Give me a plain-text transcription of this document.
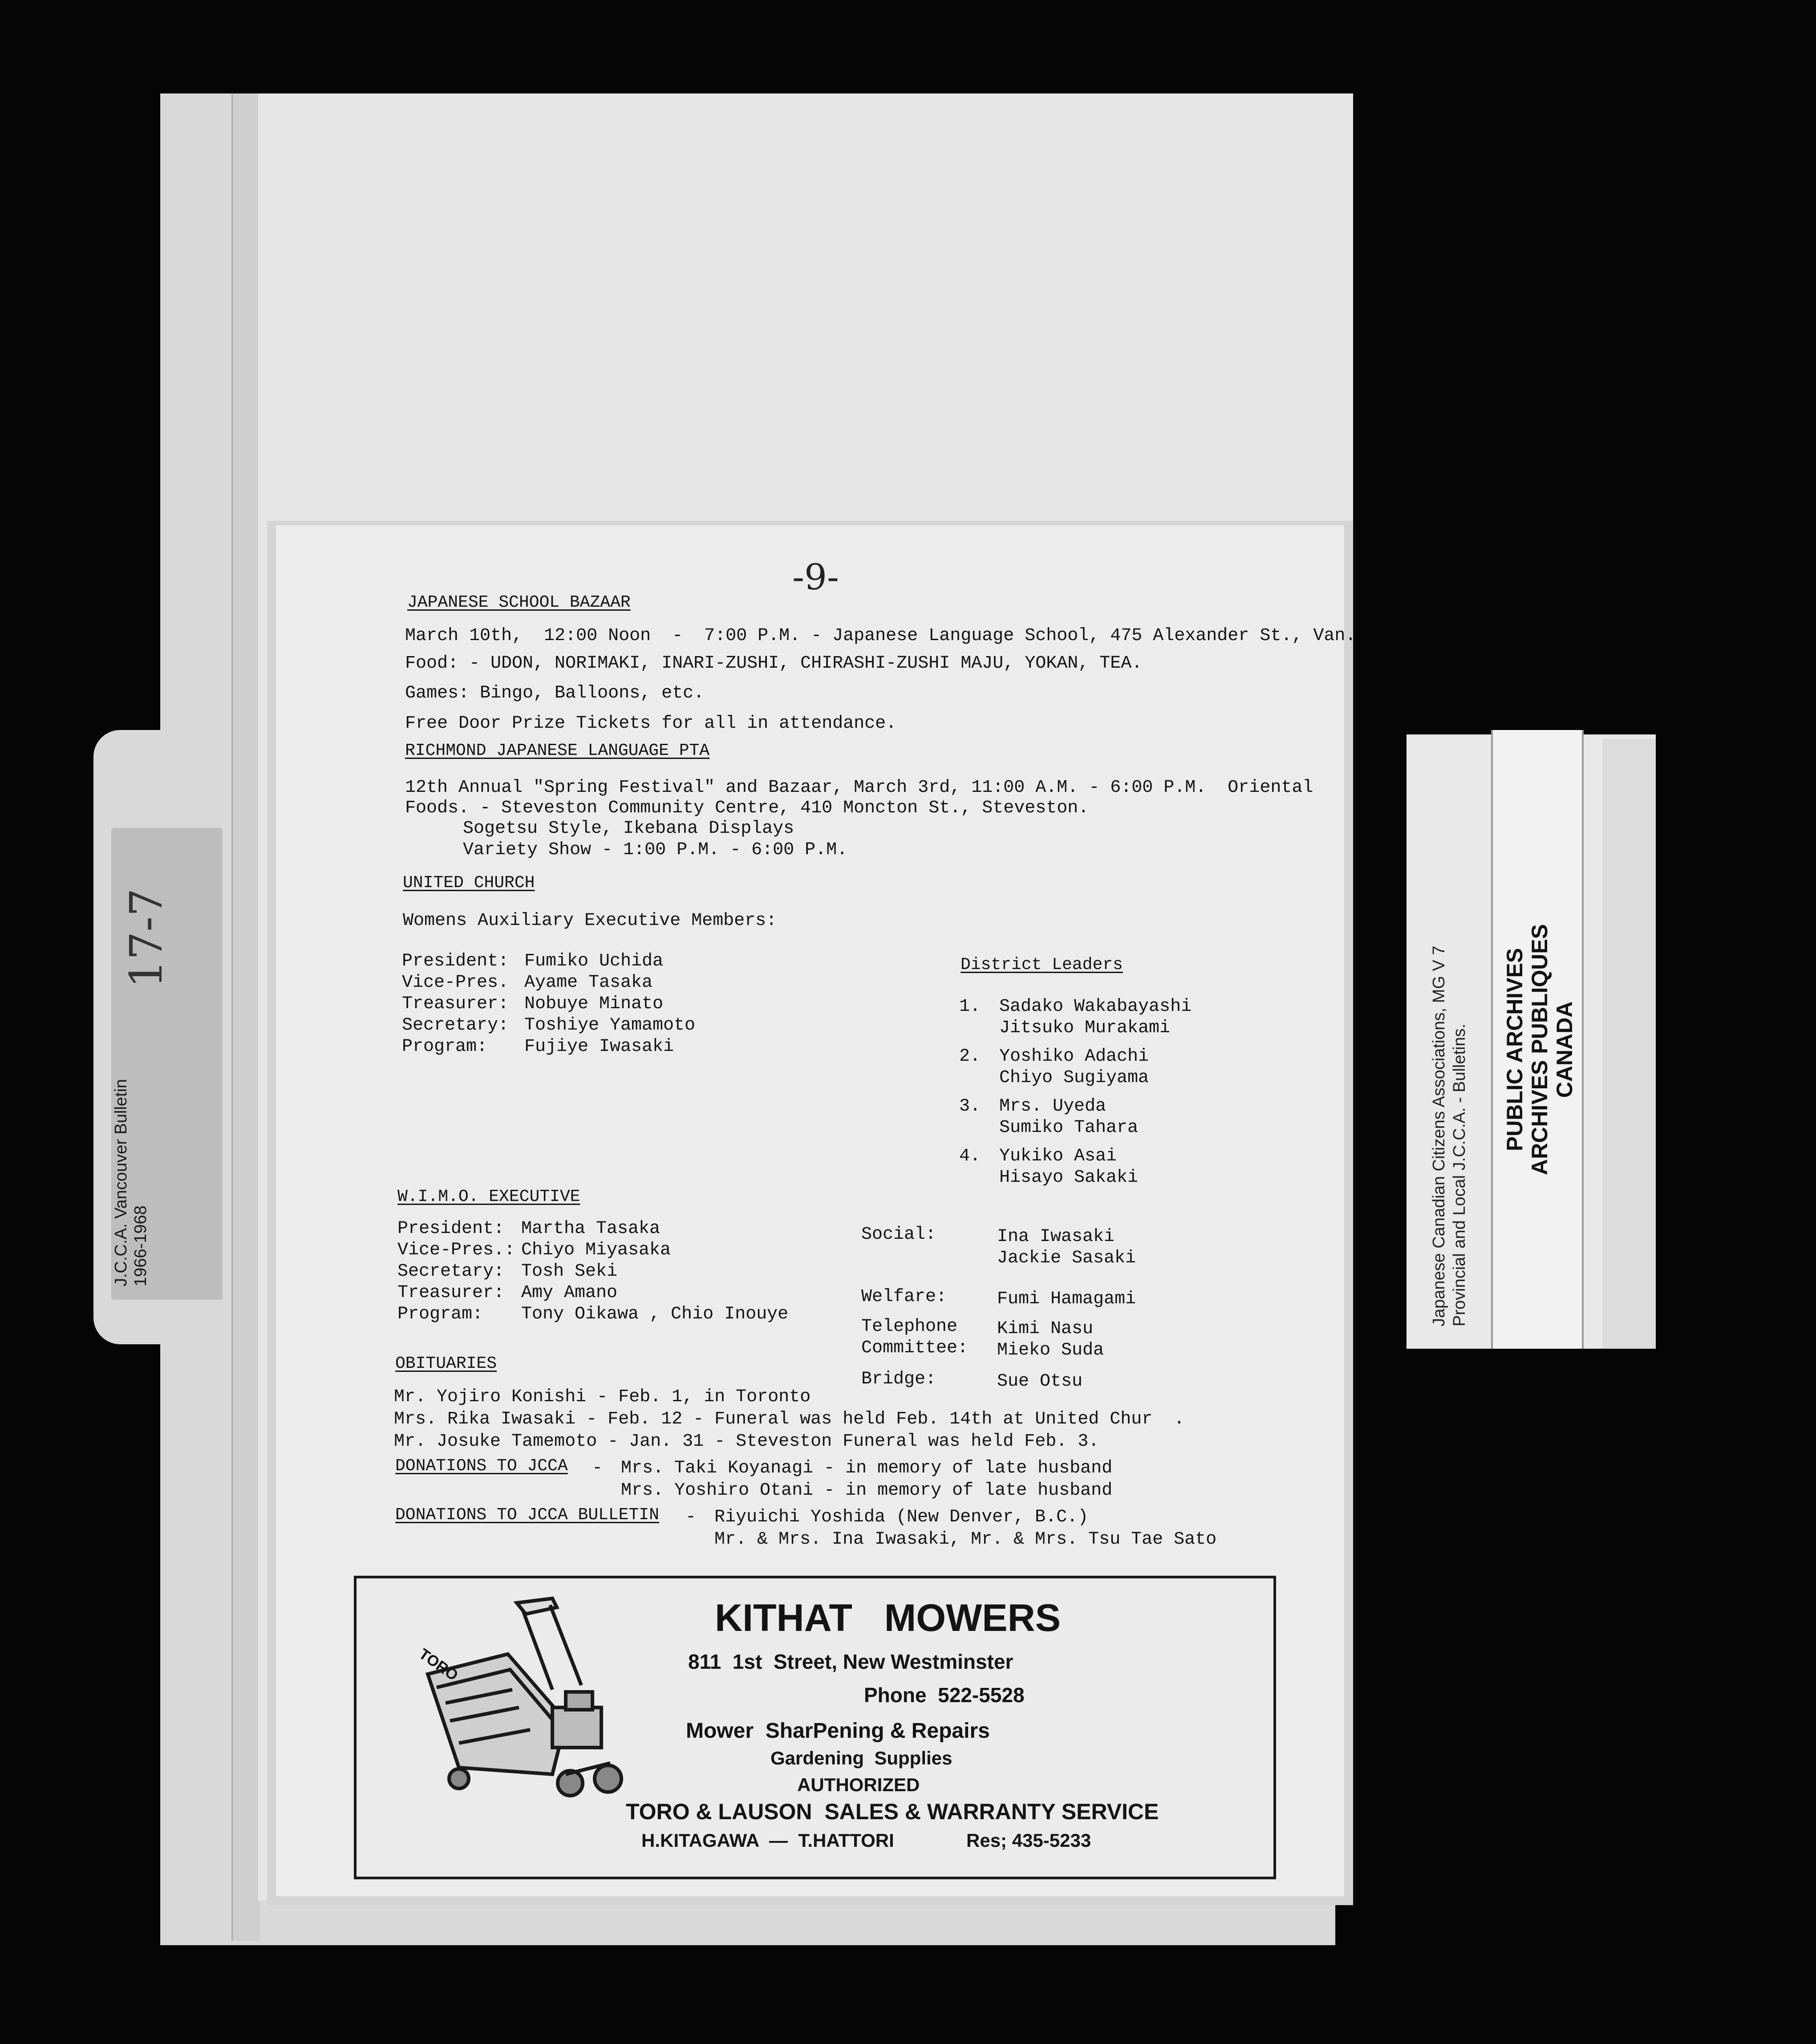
J.C.C.A. Vancouver Bulletin 1966-1968
17-7
-9-
JAPANESE SCHOOL BAZAAR
March 10th,  12:00 Noon  -  7:00 P.M. - Japanese Language School, 475 Alexander St., Van.
Food: - UDON, NORIMAKI, INARI-ZUSHI, CHIRASHI-ZUSHI MAJU, YOKAN, TEA.
Games: Bingo, Balloons, etc.
Free Door Prize Tickets for all in attendance.
RICHMOND JAPANESE LANGUAGE PTA
12th Annual "Spring Festival" and Bazaar, March 3rd, 11:00 A.M. - 6:00 P.M.  Oriental
Foods. - Steveston Community Centre, 410 Moncton St., Steveston.
Sogetsu Style, Ikebana Displays
Variety Show - 1:00 P.M. - 6:00 P.M.
UNITED CHURCH
Womens Auxiliary Executive Members:
President: Fumiko Uchida
Vice-Pres. Ayame Tasaka
Treasurer: Nobuye Minato
Secretary: Toshiye Yamamoto
Program: Fujiye Iwasaki
District Leaders
1. Sadako Wakabayashi
Jitsuko Murakami
2. Yoshiko Adachi
Chiyo Sugiyama
3. Mrs. Uyeda
Sumiko Tahara
4. Yukiko Asai
Hisayo Sakaki
W.I.M.O. EXECUTIVE
President: Martha Tasaka
Vice-Pres.: Chiyo Miyasaka
Secretary: Tosh Seki
Treasurer: Amy Amano
Program: Tony Oikawa , Chio Inouye
Social:	Ina Iwasaki
Jackie Sasaki
Welfare:	Fumi Hamagami
Telephone
Committee:
Kimi Nasu
Mieko Suda
Bridge:	Sue Otsu
OBITUARIES
Mr. Yojiro Konishi - Feb. 1, in Toronto
Mrs. Rika Iwasaki - Feb. 12 - Funeral was held Feb. 14th at United Chur  .
Mr. Josuke Tamemoto - Jan. 31 - Steveston Funeral was held Feb. 3.
DONATIONS TO JCCA - Mrs. Taki Koyanagi - in memory of late husband
Mrs. Yoshiro Otani - in memory of late husband
DONATIONS TO JCCA BULLETIN - Riyuichi Yoshida (New Denver, B.C.)
Mr. & Mrs. Ina Iwasaki, Mr. & Mrs. Tsu Tae Sato
TORO
KITHAT   MOWERS
811  1st  Street, New Westminster
Phone  522-5528
Mower  SharPening & Repairs
Gardening  Supplies
AUTHORIZED
TORO & LAUSON  SALES & WARRANTY SERVICE
H.KITAGAWA  —  T.HATTORI	Res; 435-5233
Japanese Canadian Citizens Associations, MG V 7 Provincial and Local J.C.C.A. - Bulletins. PUBLIC ARCHIVES ARCHIVES PUBLIQUES CANADA
